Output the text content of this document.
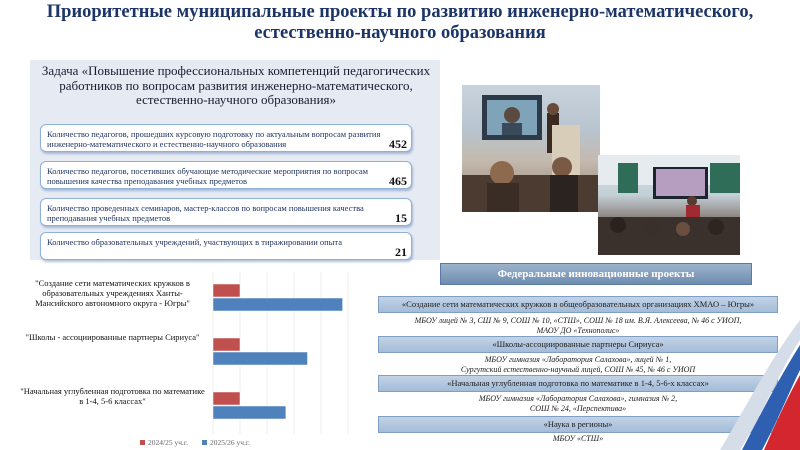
Приоритетные муниципальные проекты по развитию инженерно-математического,
естественно-научного образования
Задача «Повышение профессиональных компетенций педагогических работников по вопросам развития инженерно-математического, естественно-научного образования»
Количество педагогов, прошедших курсовую подготовку по актуальным вопросам развития инженерно-математического и естественно-научного образования	452
Количество педагогов, посетивших обучающие методические мероприятия по вопросам повышения качества преподавания учебных предметов	465
Количество проведенных семинаров, мастер-классов по вопросам повышения качества преподавания учебных предметов	15
Количество образовательных учреждений, участвующих в тиражировании опыта
21
"Создание сети математических кружков в образовательных учреждениях Ханты-Мансийского автономного округа - Югры"
"Школы - ассоциированные партнеры Сириуса"
"Начальная углубленная подготовка по математике в 1-4, 5-6 классах"
2024/25 уч.г.	2025/26 уч.г.
Федеральные инновационные проекты
«Создание сети математических кружков в общеобразовательных организациях ХМАО – Югры»
МБОУ лицей № 3, СШ № 9, СОШ № 10, «СТШ», СОШ № 18 им. В.Я. Алексеева, № 46 с УИОП,
МАОУ ДО «Технополис»
«Школы-ассоциированные партнеры Сириуса»
МБОУ гимназия «Лаборатория Салахова», лицей № 1,
Сургутский естественно-научный лицей, СОШ № 45, № 46 с УИОП
«Начальная углубленная подготовка по математике в 1-4, 5-6-х классах»
МБОУ гимназия «Лаборатория Салахова», гимназия № 2,
СОШ № 24, «Перспектива»
«Наука в регионы»
МБОУ «СТШ»
